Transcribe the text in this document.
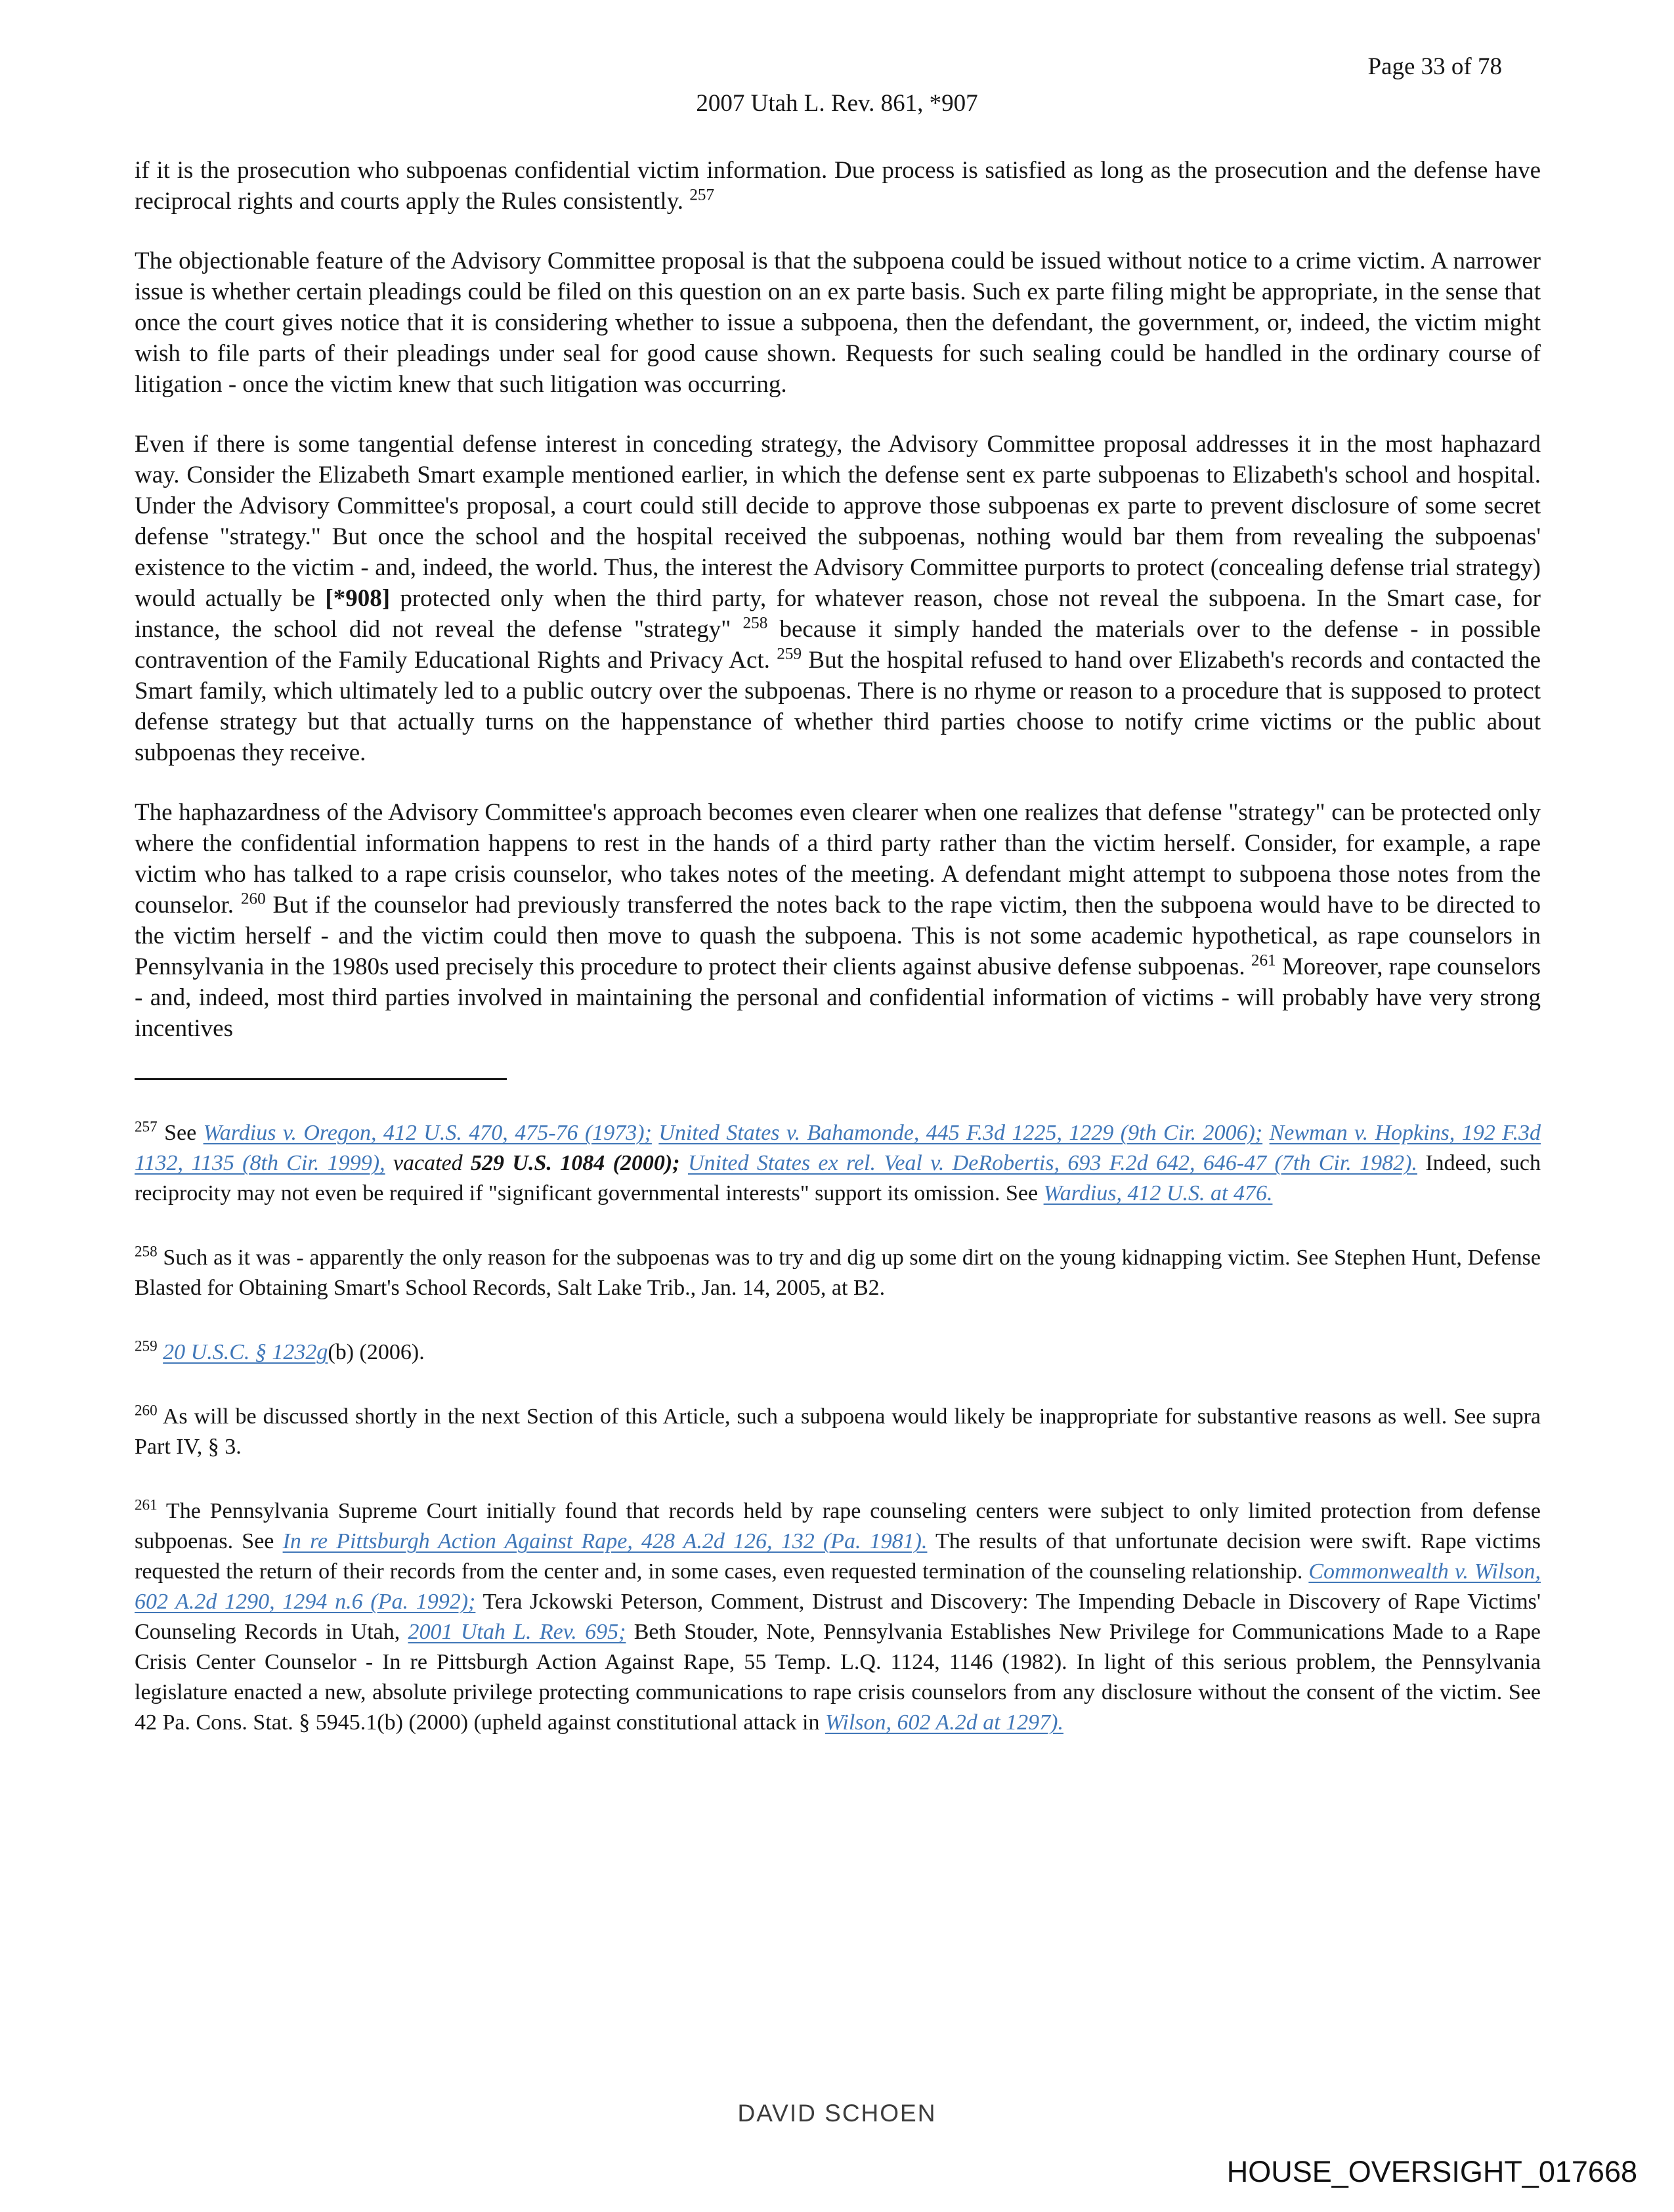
Page 33 of 78
2007 Utah L. Rev. 861, *907

if it is the prosecution who subpoenas confidential victim information. Due process is satisfied as long as the prosecution and the defense have reciprocal rights and courts apply the Rules consistently. $^{257}$

The objectionable feature of the Advisory Committee proposal is that the subpoena could be issued without notice to a crime victim. A narrower issue is whether certain pleadings could be filed on this question on an ex parte basis. Such ex parte filing might be appropriate, in the sense that once the court gives notice that it is considering whether to issue a subpoena, then the defendant, the government, or, indeed, the victim might wish to file parts of their pleadings under seal for good cause shown. Requests for such sealing could be handled in the ordinary course of litigation - once the victim knew that such litigation was occurring.

Even if there is some tangential defense interest in conceding strategy, the Advisory Committee proposal addresses it in the most haphazard way. Consider the Elizabeth Smart example mentioned earlier, in which the defense sent ex parte subpoenas to Elizabeth's school and hospital. Under the Advisory Committee's proposal, a court could still decide to approve those subpoenas ex parte to prevent disclosure of some secret defense "strategy." But once the school and the hospital received the subpoenas, nothing would bar them from revealing the subpoenas' existence to the victim - and, indeed, the world. Thus, the interest the Advisory Committee purports to protect (concealing defense trial strategy) would actually be [*908] protected only when the third party, for whatever reason, chose not reveal the subpoena. In the Smart case, for instance, the school did not reveal the defense "strategy" $^{258}$ because it simply handed the materials over to the defense - in possible contravention of the Family Educational Rights and Privacy Act. $^{259}$ But the hospital refused to hand over Elizabeth's records and contacted the Smart family, which ultimately led to a public outcry over the subpoenas. There is no rhyme or reason to a procedure that is supposed to protect defense strategy but that actually turns on the happenstance of whether third parties choose to notify crime victims or the public about subpoenas they receive.

The haphazardness of the Advisory Committee's approach becomes even clearer when one realizes that defense "strategy" can be protected only where the confidential information happens to rest in the hands of a third party rather than the victim herself. Consider, for example, a rape victim who has talked to a rape crisis counselor, who takes notes of the meeting. A defendant might attempt to subpoena those notes from the counselor. $^{260}$ But if the counselor had previously transferred the notes back to the rape victim, then the subpoena would have to be directed to the victim herself - and the victim could then move to quash the subpoena. This is not some academic hypothetical, as rape counselors in Pennsylvania in the 1980s used precisely this procedure to protect their clients against abusive defense subpoenas. $^{261}$ Moreover, rape counselors - and, indeed, most third parties involved in maintaining the personal and confidential information of victims - will probably have very strong incentives

$^{257}$ See Wardius v. Oregon, 412 U.S. 470, 475-76 (1973); United States v. Bahamonde, 445 F.3d 1225, 1229 (9th Cir. 2006); Newman v. Hopkins, 192 F.3d 1132, 1135 (8th Cir. 1999), vacated 529 U.S. 1084 (2000); United States ex rel. Veal v. DeRobertis, 693 F.2d 642, 646-47 (7th Cir. 1982). Indeed, such reciprocity may not even be required if "significant governmental interests" support its omission. See Wardius, 412 U.S. at 476.
$^{258}$ Such as it was - apparently the only reason for the subpoenas was to try and dig up some dirt on the young kidnapping victim. See Stephen Hunt, Defense Blasted for Obtaining Smart's School Records, Salt Lake Trib., Jan. 14, 2005, at B2.
$^{259}$ 20 U.S.C. § 1232g(b) (2006).
$^{260}$ As will be discussed shortly in the next Section of this Article, such a subpoena would likely be inappropriate for substantive reasons as well. See supra Part IV, § 3.
$^{261}$ The Pennsylvania Supreme Court initially found that records held by rape counseling centers were subject to only limited protection from defense subpoenas. See In re Pittsburgh Action Against Rape, 428 A.2d 126, 132 (Pa. 1981). The results of that unfortunate decision were swift. Rape victims requested the return of their records from the center and, in some cases, even requested termination of the counseling relationship. Commonwealth v. Wilson, 602 A.2d 1290, 1294 n.6 (Pa. 1992); Tera Jckowski Peterson, Comment, Distrust and Discovery: The Impending Debacle in Discovery of Rape Victims' Counseling Records in Utah, 2001 Utah L. Rev. 695; Beth Stouder, Note, Pennsylvania Establishes New Privilege for Communications Made to a Rape Crisis Center Counselor - In re Pittsburgh Action Against Rape, 55 Temp. L.Q. 1124, 1146 (1982). In light of this serious problem, the Pennsylvania legislature enacted a new, absolute privilege protecting communications to rape crisis counselors from any disclosure without the consent of the victim. See 42 Pa. Cons. Stat. § 5945.1(b) (2000) (upheld against constitutional attack in Wilson, 602 A.2d at 1297).
DAVID SCHOEN
HOUSE_OVERSIGHT_017668
